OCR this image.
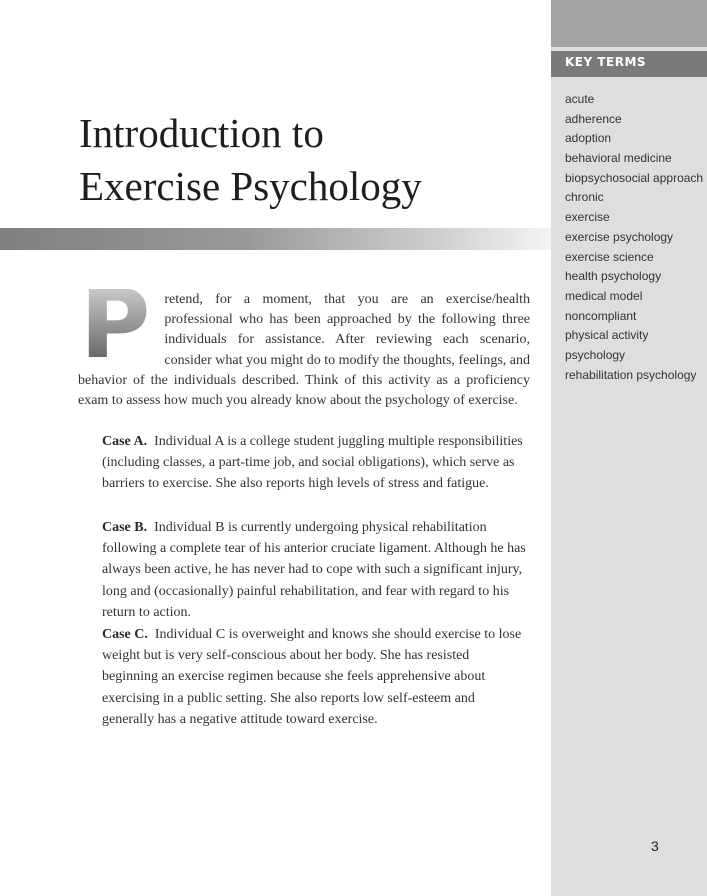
KEY TERMS
acute
adherence
adoption
behavioral medicine
biopsychosocial approach
chronic
exercise
exercise psychology
exercise science
health psychology
medical model
noncompliant
physical activity
psychology
rehabilitation psychology
3
Introduction to
Exercise Psychology

P retend, for a moment, that you are an exercise/health professional who has been approached by the following three individuals for assistance. After reviewing each scenario, consider what you might do to modify the thoughts, feelings, and behavior of the individuals described. Think of this activity as a proficiency exam to assess how much you already know about the psychology of exercise.

Case A. Individual A is a college student juggling multiple responsibilities (including classes, a part-time job, and social obligations), which serve as barriers to exercise. She also reports high levels of stress and fatigue.

Case B. Individual B is currently undergoing physical rehabilitation following a complete tear of his anterior cruciate ligament. Although he has always been active, he has never had to cope with such a significant injury, long and (occasionally) painful rehabilitation, and fear with regard to his return to action.

Case C. Individual C is overweight and knows she should exercise to lose weight but is very self-conscious about her body. She has resisted beginning an exercise regimen because she feels apprehensive about exercising in a public setting. She also reports low self-esteem and generally has a negative attitude toward exercise.
